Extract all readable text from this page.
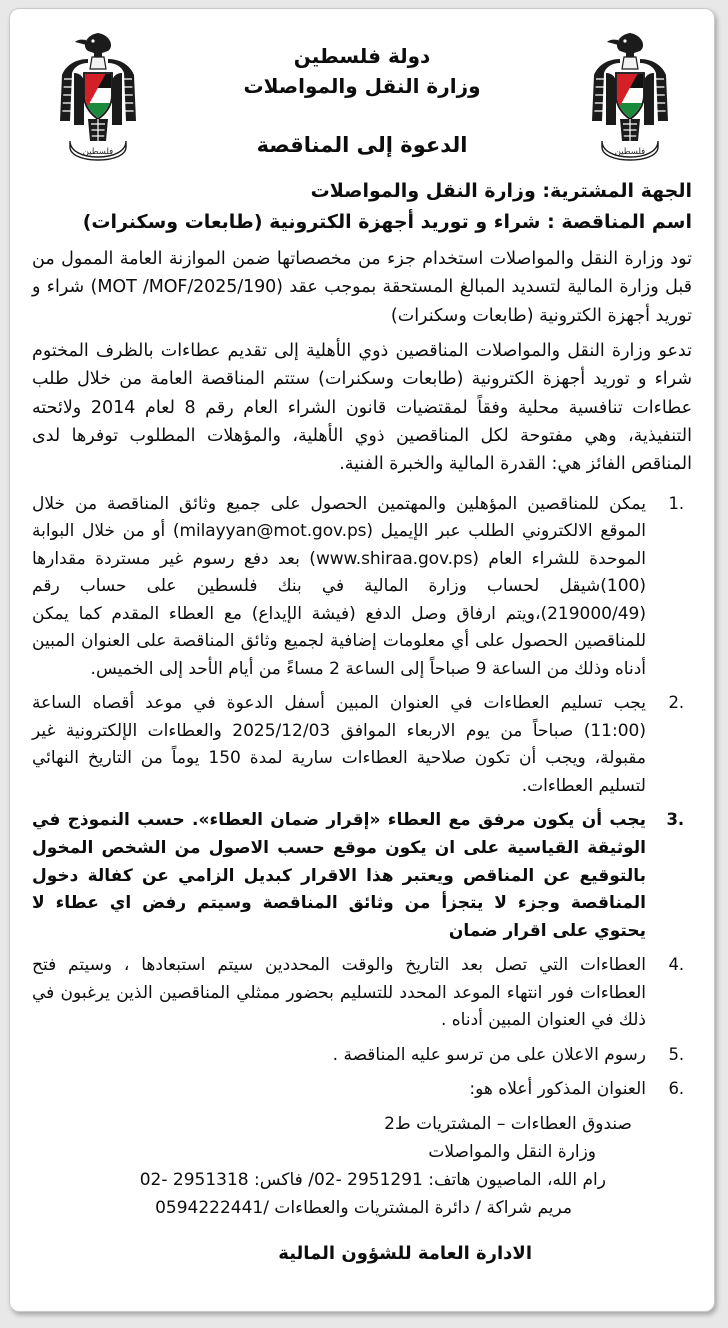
فلسطين
فلسطين
دولة فلسطين
وزارة النقل والمواصلات
الدعوة إلى المناقصة
الجهة المشترية: وزارة النقل والمواصلات
اسم المناقصة : شراء و توريد أجهزة الكترونية (طابعات وسكنرات)

تود وزارة النقل والمواصلات استخدام جزء من مخصصاتها ضمن الموازنة العامة الممول من قبل وزارة المالية لتسديد المبالغ المستحقة بموجب عقد (MOT /MOF/2025/190) شراء و توريد أجهزة الكترونية (طابعات وسكنرات)

تدعو وزارة النقل والمواصلات المناقصين ذوي الأهلية إلى تقديم عطاءات بالظرف المختوم شراء و توريد أجهزة الكترونية (طابعات وسكنرات) ستتم المناقصة العامة من خلال طلب عطاءات تنافسية محلية وفقاً لمقتضيات قانون الشراء العام رقم 8 لعام 2014 ولائحته التنفيذية، وهي مفتوحة لكل المناقصين ذوي الأهلية، والمؤهلات المطلوب توفرها لدى المناقص الفائز هي: القدرة المالية والخبرة الفنية.

1.
يمكن للمناقصين المؤهلين والمهتمين الحصول على جميع وثائق المناقصة من خلال الموقع الالكتروني الطلب عبر الإيميل (milayyan@mot.gov.ps) أو من خلال البوابة الموحدة للشراء العام (www.shiraa.gov.ps) بعد دفع رسوم غير مستردة مقدارها (100)شيقل لحساب وزارة المالية في بنك فلسطين على حساب رقم (219000/49)،ويتم ارفاق وصل الدفع (فيشة الإيداع) مع العطاء المقدم كما يمكن للمناقصين الحصول على أي معلومات إضافية لجميع وثائق المناقصة على العنوان المبين أدناه وذلك من الساعة 9 صباحاً إلى الساعة 2 مساءً من أيام الأحد إلى الخميس.
2.
يجب تسليم العطاءات في العنوان المبين أسفل الدعوة في موعد أقصاه الساعة (11:00) صباحاً من يوم الاربعاء الموافق 2025/12/03 والعطاءات الإلكترونية غير مقبولة، ويجب أن تكون صلاحية العطاءات سارية لمدة 150 يوماً من التاريخ النهائي لتسليم العطاءات.
3.
يجب أن يكون مرفق مع العطاء «إقرار ضمان العطاء». حسب النموذج في الوثيقة القياسية على ان يكون موقع حسب الاصول من الشخص المخول بالتوقيع عن المناقص ويعتبر هذا الاقرار كبديل الزامي عن كفالة دخول المناقصة وجزء لا يتجزأ من وثائق المناقصة وسيتم رفض اي عطاء لا يحتوي على اقرار ضمان
4.
العطاءات التي تصل بعد التاريخ والوقت المحددين سيتم استبعادها ، وسيتم فتح العطاءات فور انتهاء الموعد المحدد للتسليم بحضور ممثلي المناقصين الذين يرغبون في ذلك في العنوان المبين أدناه .
5.
رسوم الاعلان على من ترسو عليه المناقصة .
6.
العنوان المذكور أعلاه هو:
صندوق العطاءات – المشتريات ط2
وزارة النقل والمواصلات
رام الله، الماصيون هاتف: 2951291 -02/ فاكس: 2951318 -02
مريم شراكة / دائرة المشتريات والعطاءات /0594222441
الادارة العامة للشؤون المالية
